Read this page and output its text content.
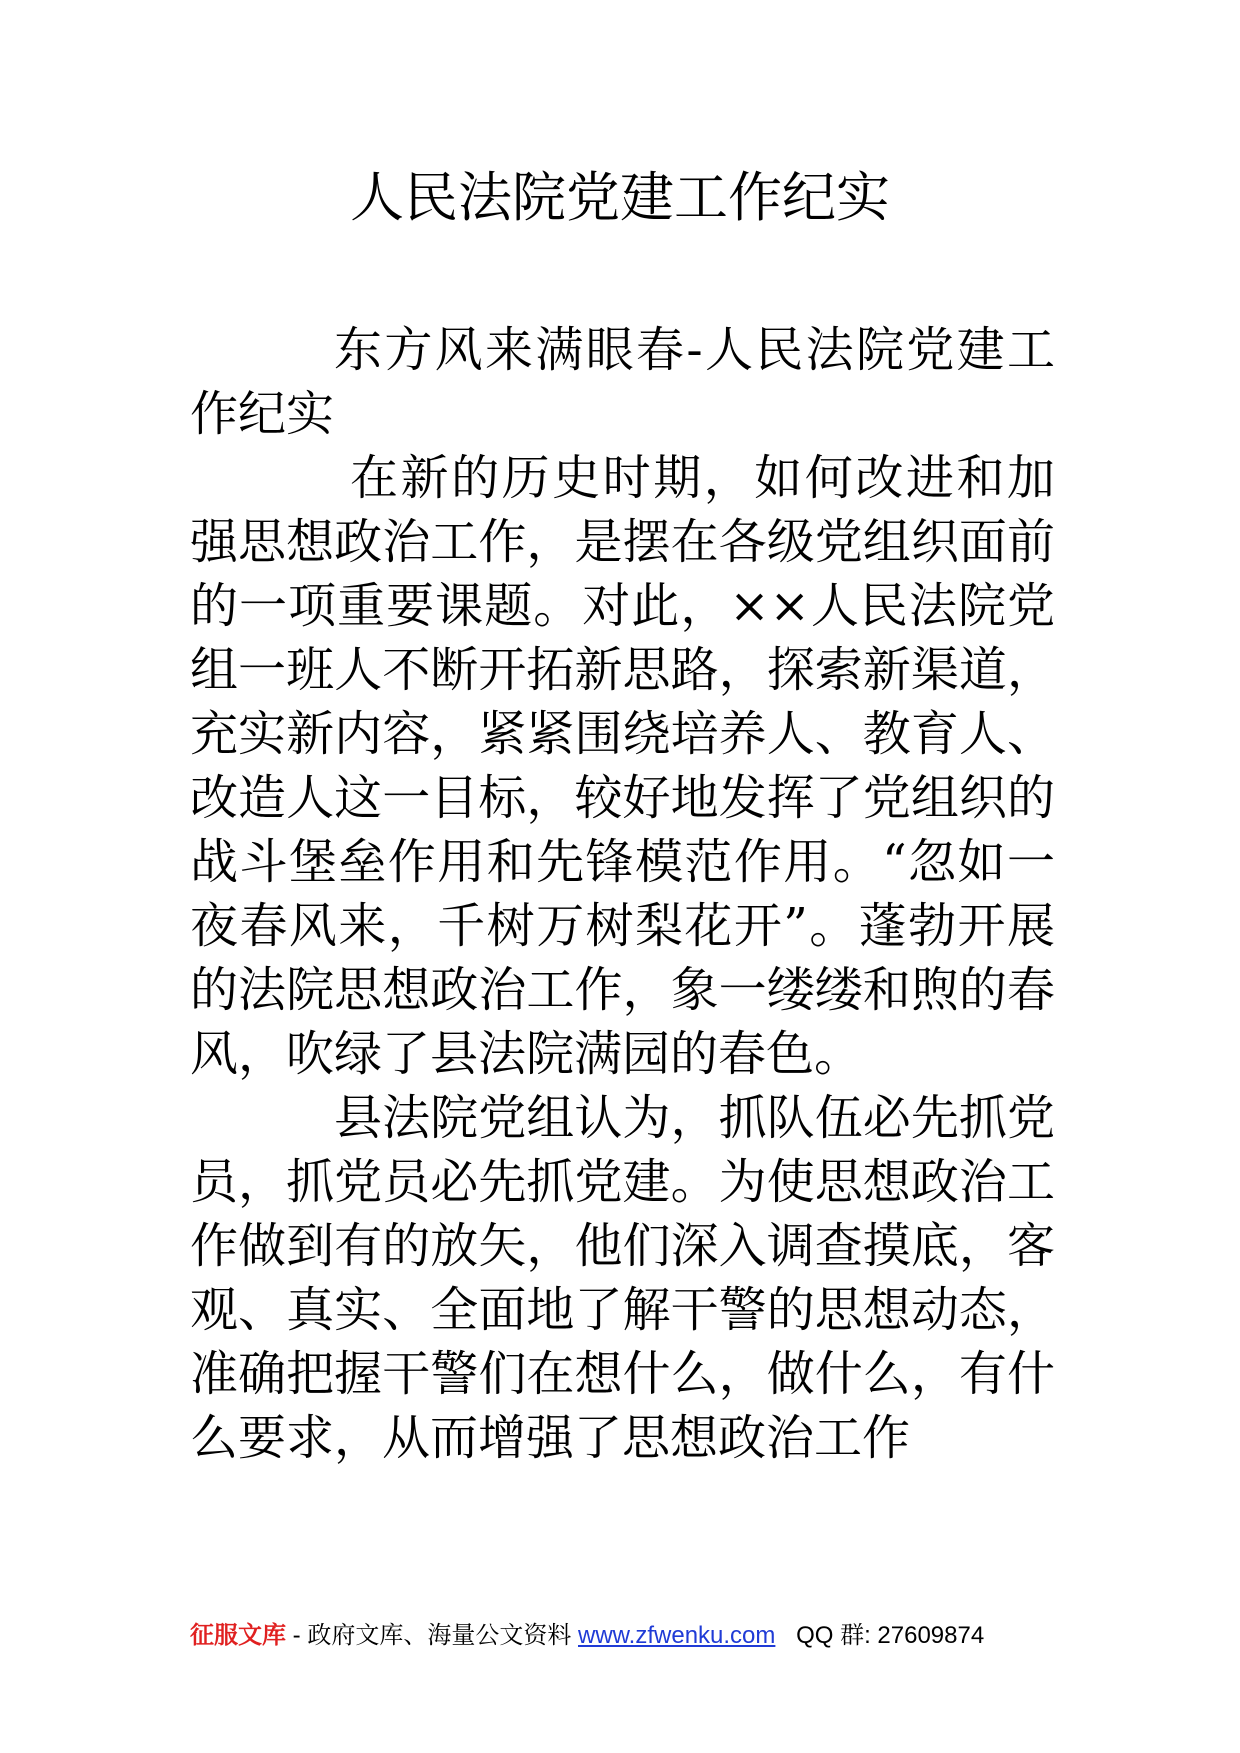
人民法院党建工作纪实

东方风来满眼春-人民法院党建工作纪实

在新的历史时期，如何改进和加强思想政治工作，是摆在各级党组织面前的一项重要课题。对此，××人民法院党组一班人不断开拓新思路，探索新渠道，充实新内容，紧紧围绕培养人、教育人、改造人这一目标，较好地发挥了党组织的战斗堡垒作用和先锋模范作用。“忽如一夜春风来，千树万树梨花开”。蓬勃开展的法院思想政治工作，象一缕缕和煦的春风，吹绿了县法院满园的春色。

县法院党组认为，抓队伍必先抓党员，抓党员必先抓党建。为使思想政治工作做到有的放矢，他们深入调查摸底，客观、真实、全面地了解干警的思想动态，准确把握干警们在想什么，做什么，有什么要求，从而增强了思想政治工作

征服文库 - 政府文库、海量公文资料 www.zfwenku.com QQ 群: 27609874
